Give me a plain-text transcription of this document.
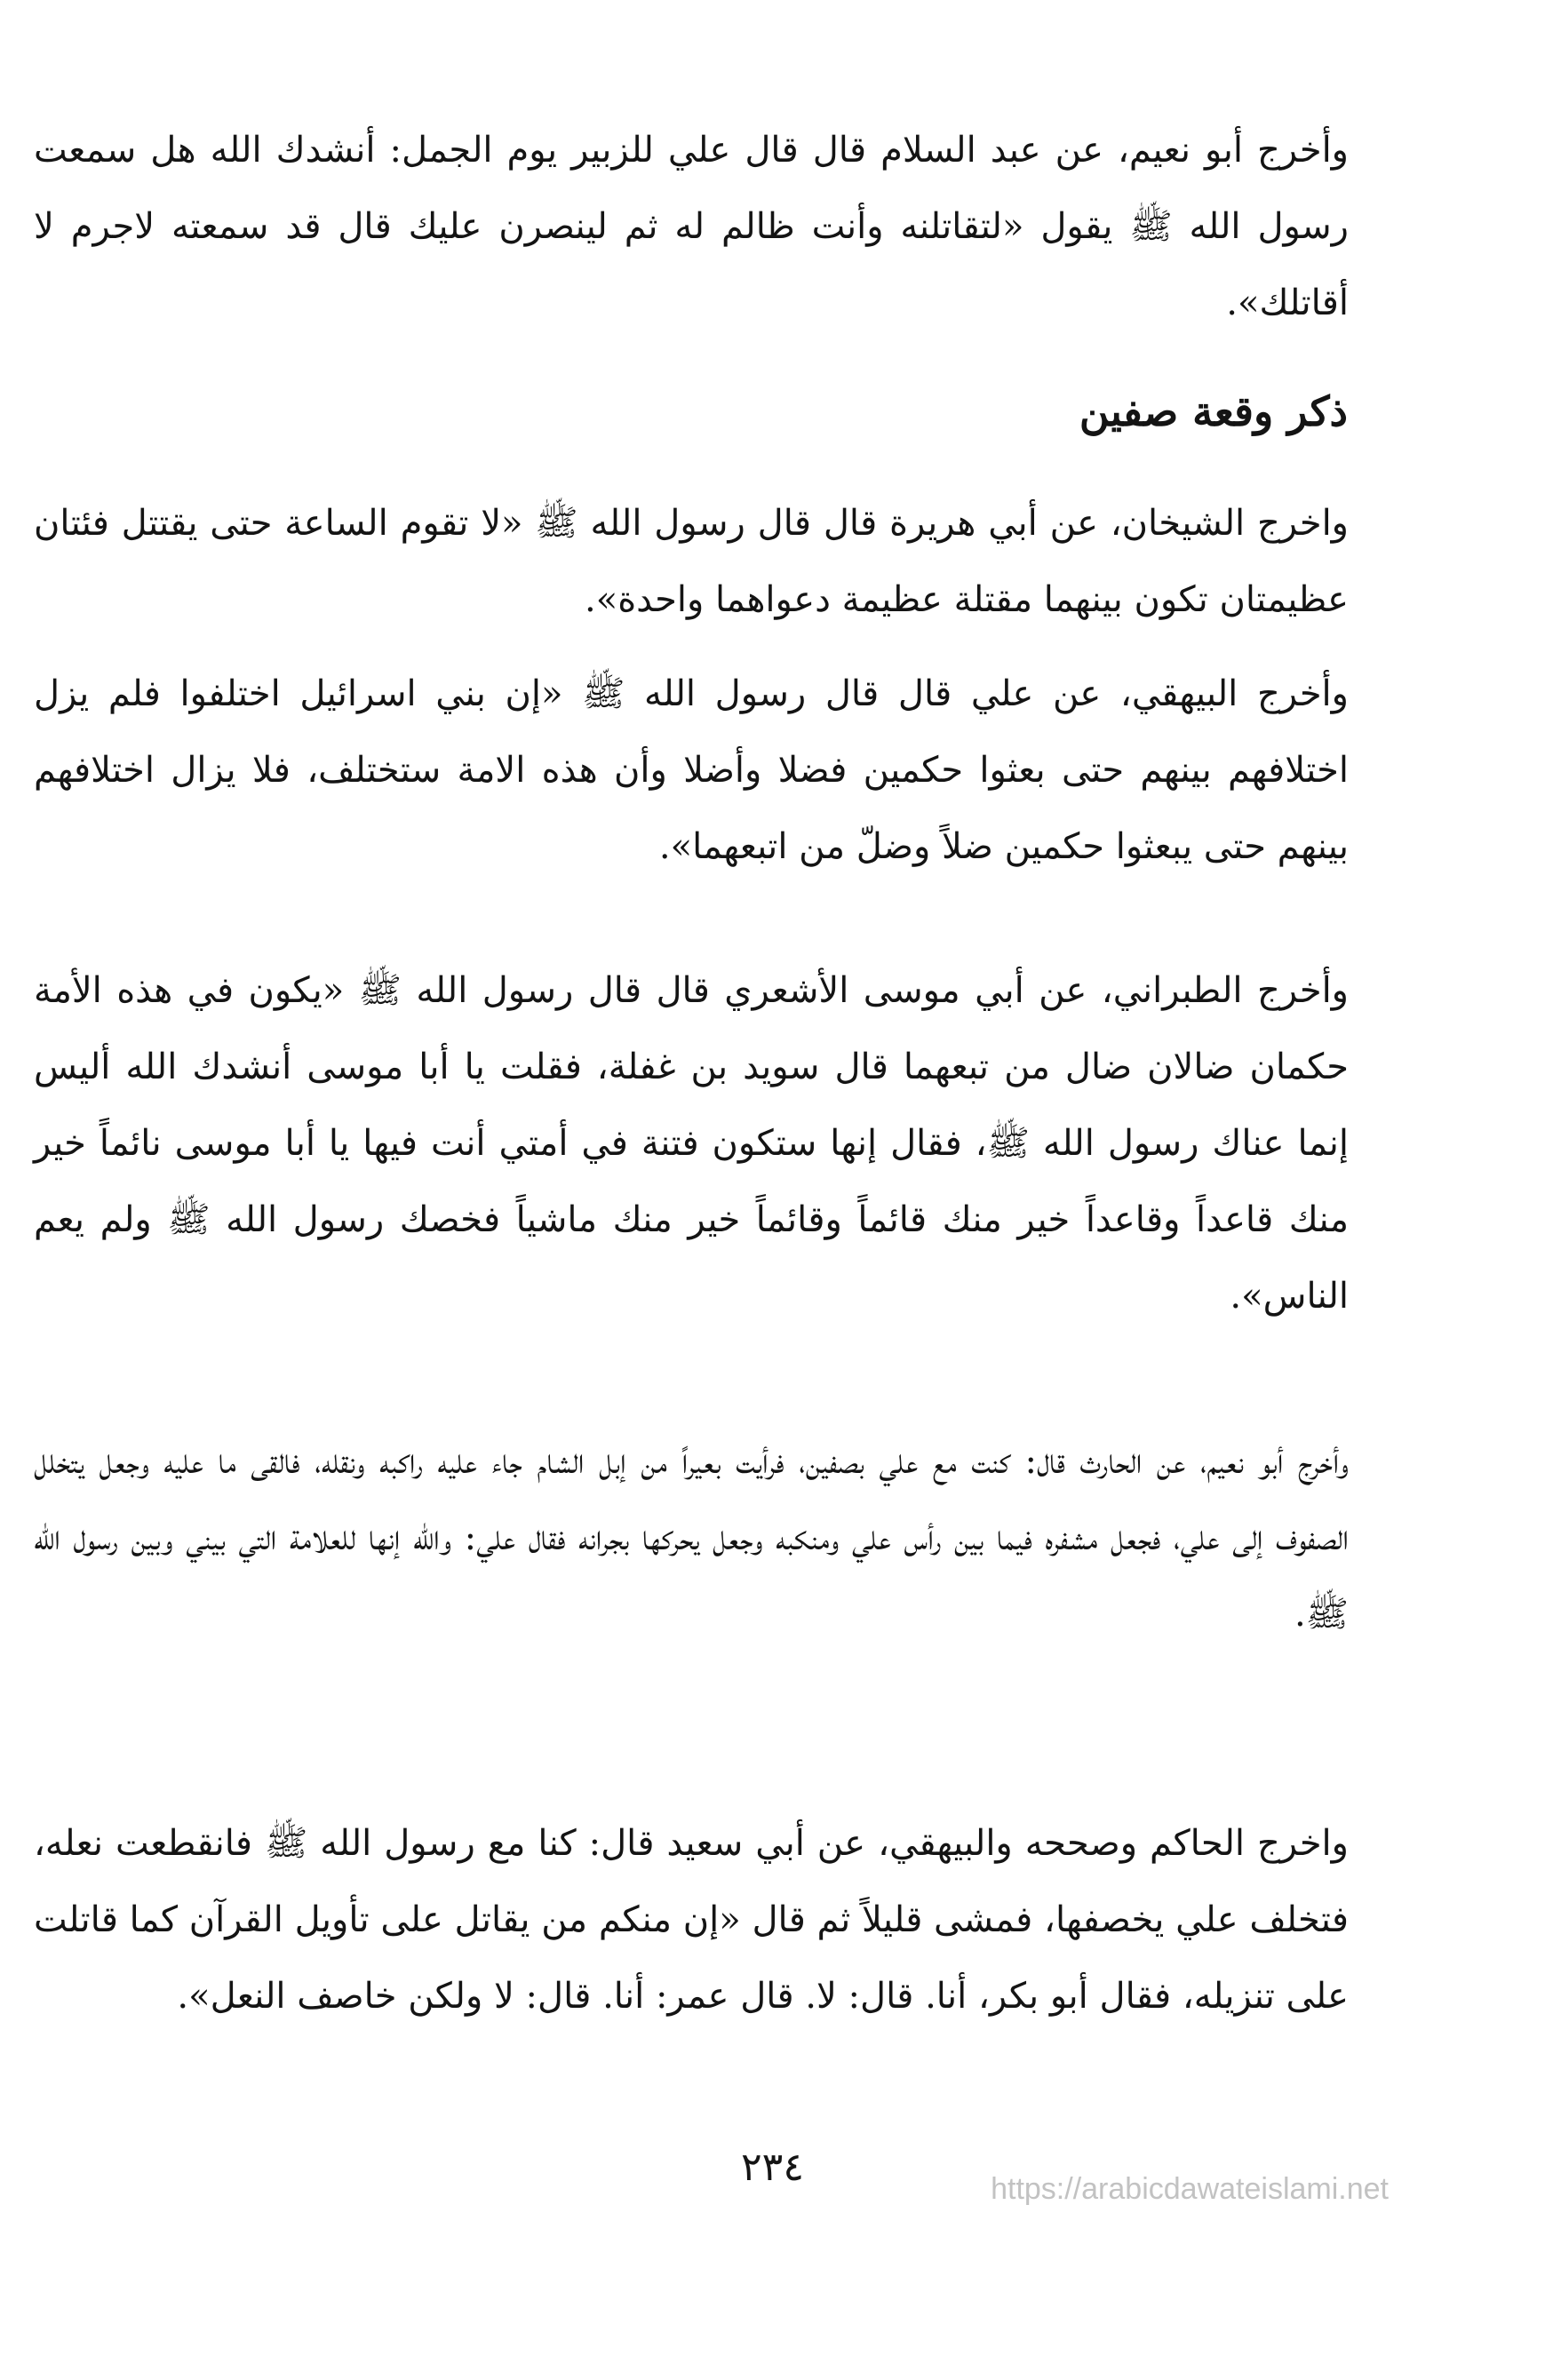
وأخرج أبو نعيم، عن عبد السلام قال قال علي للزبير يوم الجمل: أنشدك الله هل سمعت رسول الله ﷺ يقول «لتقاتلنه وأنت ظالم له ثم لينصرن عليك قال قد سمعته لاجرم لا أقاتلك».

ذكر وقعة صفين

واخرج الشيخان، عن أبي هريرة قال قال رسول الله ﷺ «لا تقوم الساعة حتى يقتتل فئتان عظيمتان تكون بينهما مقتلة عظيمة دعواهما واحدة».

وأخرج البيهقي، عن علي قال قال رسول الله ﷺ «إن بني اسرائيل اختلفوا فلم يزل اختلافهم بينهم حتى بعثوا حكمين فضلا وأضلا وأن هذه الامة ستختلف، فلا يزال اختلافهم بينهم حتى يبعثوا حكمين ضلاً وضلّ من اتبعهما».

وأخرج الطبراني، عن أبي موسى الأشعري قال قال رسول الله ﷺ «يكون في هذه الأمة حكمان ضالان ضال من تبعهما قال سويد بن غفلة، فقلت يا أبا موسى أنشدك الله أليس إنما عناك رسول الله ﷺ، فقال إنها ستكون فتنة في أمتي أنت فيها يا أبا موسى نائماً خير منك قاعداً وقاعداً خير منك قائماً وقائماً خير منك ماشياً فخصك رسول الله ﷺ ولم يعم الناس».

وأخرج أبو نعيم، عن الحارث قال: كنت مع علي بصفين، فرأيت بعيراً من إبل الشام جاء عليه راكبه ونقله، فالقى ما عليه وجعل يتخلل الصفوف إلى علي، فجعل مشفره فيما بين رأس علي ومنكبه وجعل يحركها بجرانه فقال علي: والله إنها للعلامة التي بيني وبين رسول الله ﷺ.

واخرج الحاكم وصححه والبيهقي، عن أبي سعيد قال: كنا مع رسول الله ﷺ فانقطعت نعله، فتخلف علي يخصفها، فمشى قليلاً ثم قال «إن منكم من يقاتل على تأويل القرآن كما قاتلت على تنزيله، فقال أبو بكر، أنا. قال: لا. قال عمر: أنا. قال: لا ولكن خاصف النعل».

٢٣٤	https://arabicdawateislami.net
